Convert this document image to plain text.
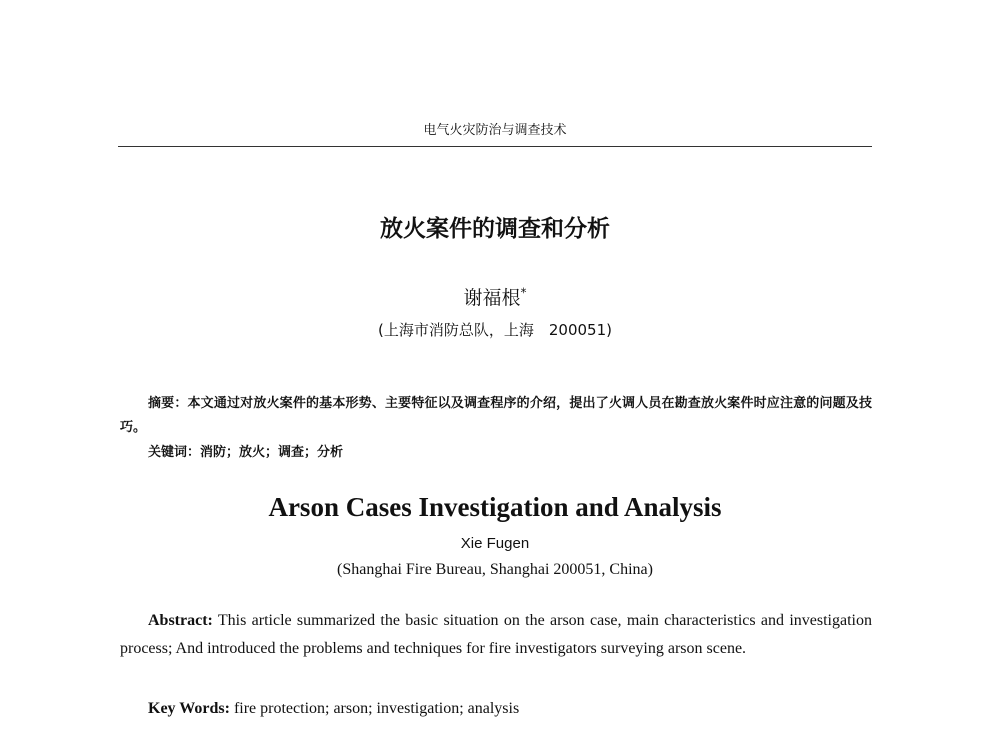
电气火灾防治与调查技术
放火案件的调查和分析
谢福根*
(上海市消防总队，上海　200051)
摘要：本文通过对放火案件的基本形势、主要特征以及调查程序的介绍，提出了火调人员在勘查放火案件时应注意的问题及技巧。
关键词：消防；放火；调查；分析
Arson Cases Investigation and Analysis
Xie Fugen
(Shanghai Fire Bureau, Shanghai 200051, China)
Abstract: This article summarized the basic situation on the arson case, main characteristics and investigation process; And introduced the problems and techniques for fire investigators surveying arson scene.
Key Words: fire protection; arson; investigation; analysis
